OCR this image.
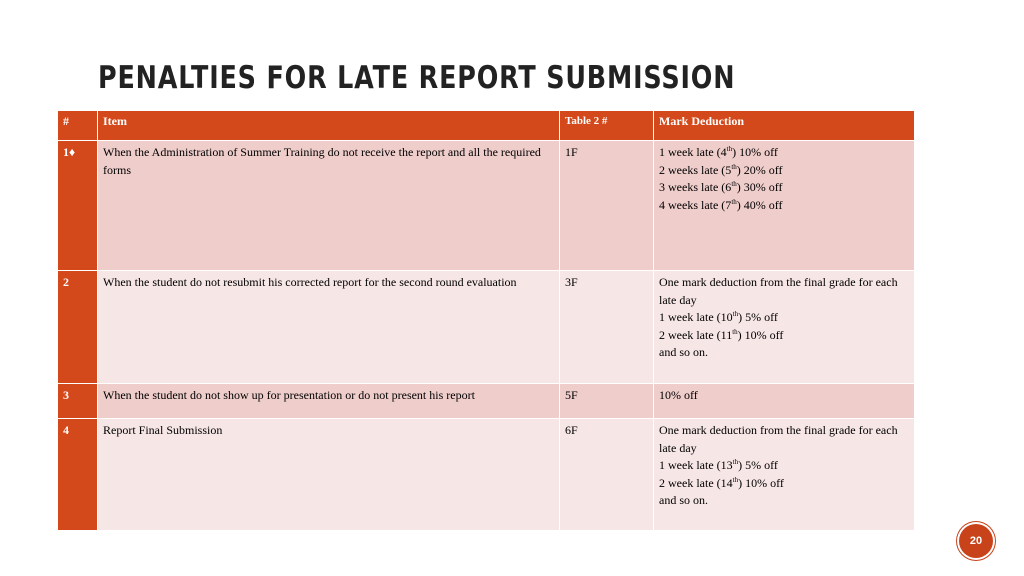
PENALTIES FOR LATE REPORT SUBMISSION
#	Item	Table 2 #	Mark Deduction
1♦	When the Administration of Summer Training do not receive the report and all the required forms	1F	1 week late (4th) 10% off
2 weeks late (5th) 20% off
3 weeks late (6th) 30% off
4 weeks late (7th) 40% off

2	When the student do not resubmit his corrected report for the second round evaluation	3F	One mark deduction from the final grade for each late day
1 week late (10th) 5% off
2 week late (11th) 10% off
and so on.

3	When the student do not show up for presentation or do not present his report	5F	10% off

4	Report Final Submission	6F	One mark deduction from the final grade for each late day
1 week late (13th) 5% off
2 week late (14th) 10% off
and so on.
20
